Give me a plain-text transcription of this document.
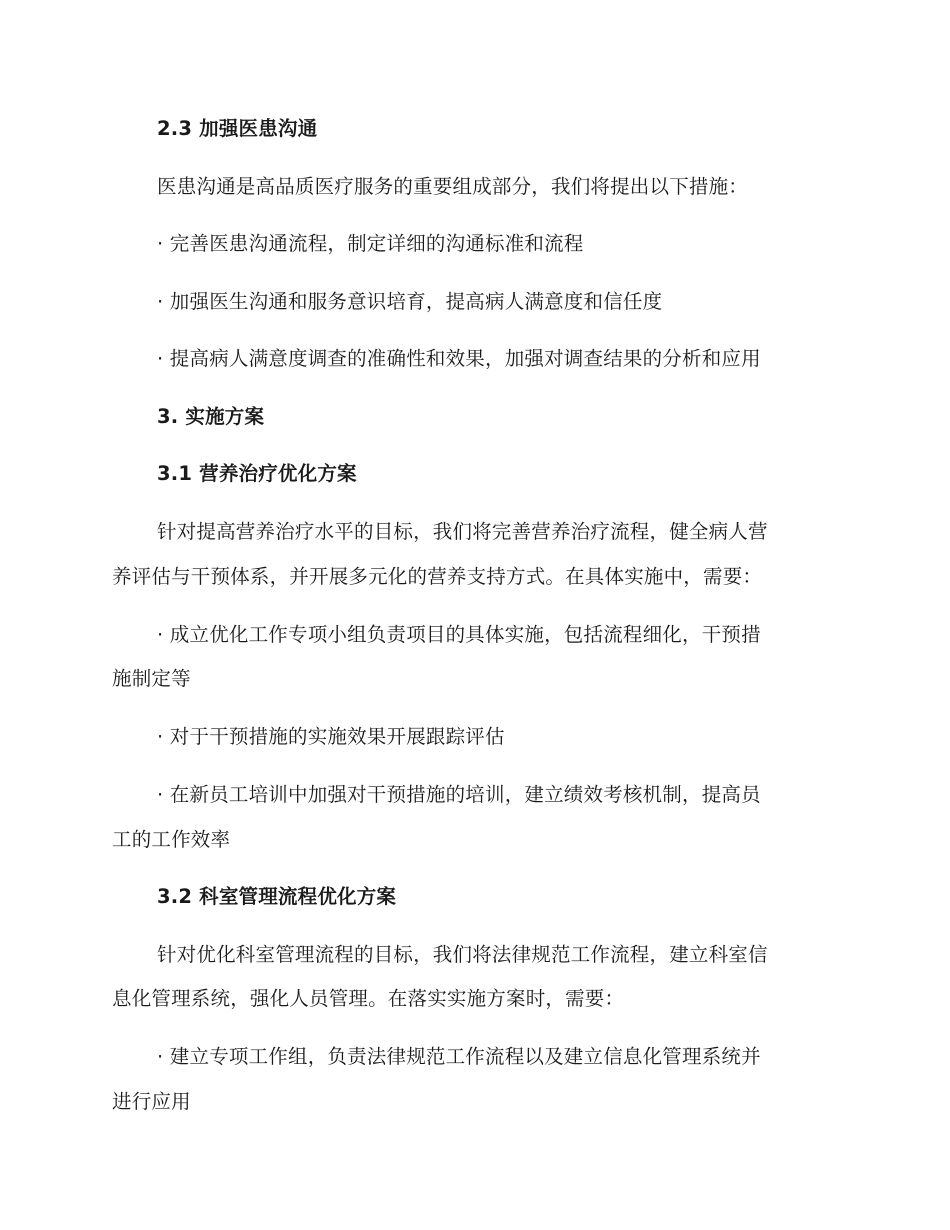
2.3 加强医患沟通
医患沟通是高品质医疗服务的重要组成部分，我们将提出以下措施：
· 完善医患沟通流程，制定详细的沟通标准和流程
· 加强医生沟通和服务意识培育，提高病人满意度和信任度
· 提高病人满意度调查的准确性和效果，加强对调查结果的分析和应用
3. 实施方案
3.1 营养治疗优化方案
针对提高营养治疗水平的目标，我们将完善营养治疗流程，健全病人营
养评估与干预体系，并开展多元化的营养支持方式。在具体实施中，需要：
· 成立优化工作专项小组负责项目的具体实施，包括流程细化，干预措
施制定等
· 对于干预措施的实施效果开展跟踪评估
· 在新员工培训中加强对干预措施的培训，建立绩效考核机制，提高员
工的工作效率
3.2 科室管理流程优化方案
针对优化科室管理流程的目标，我们将法律规范工作流程，建立科室信
息化管理系统，强化人员管理。在落实实施方案时，需要：
· 建立专项工作组，负责法律规范工作流程以及建立信息化管理系统并
进行应用
